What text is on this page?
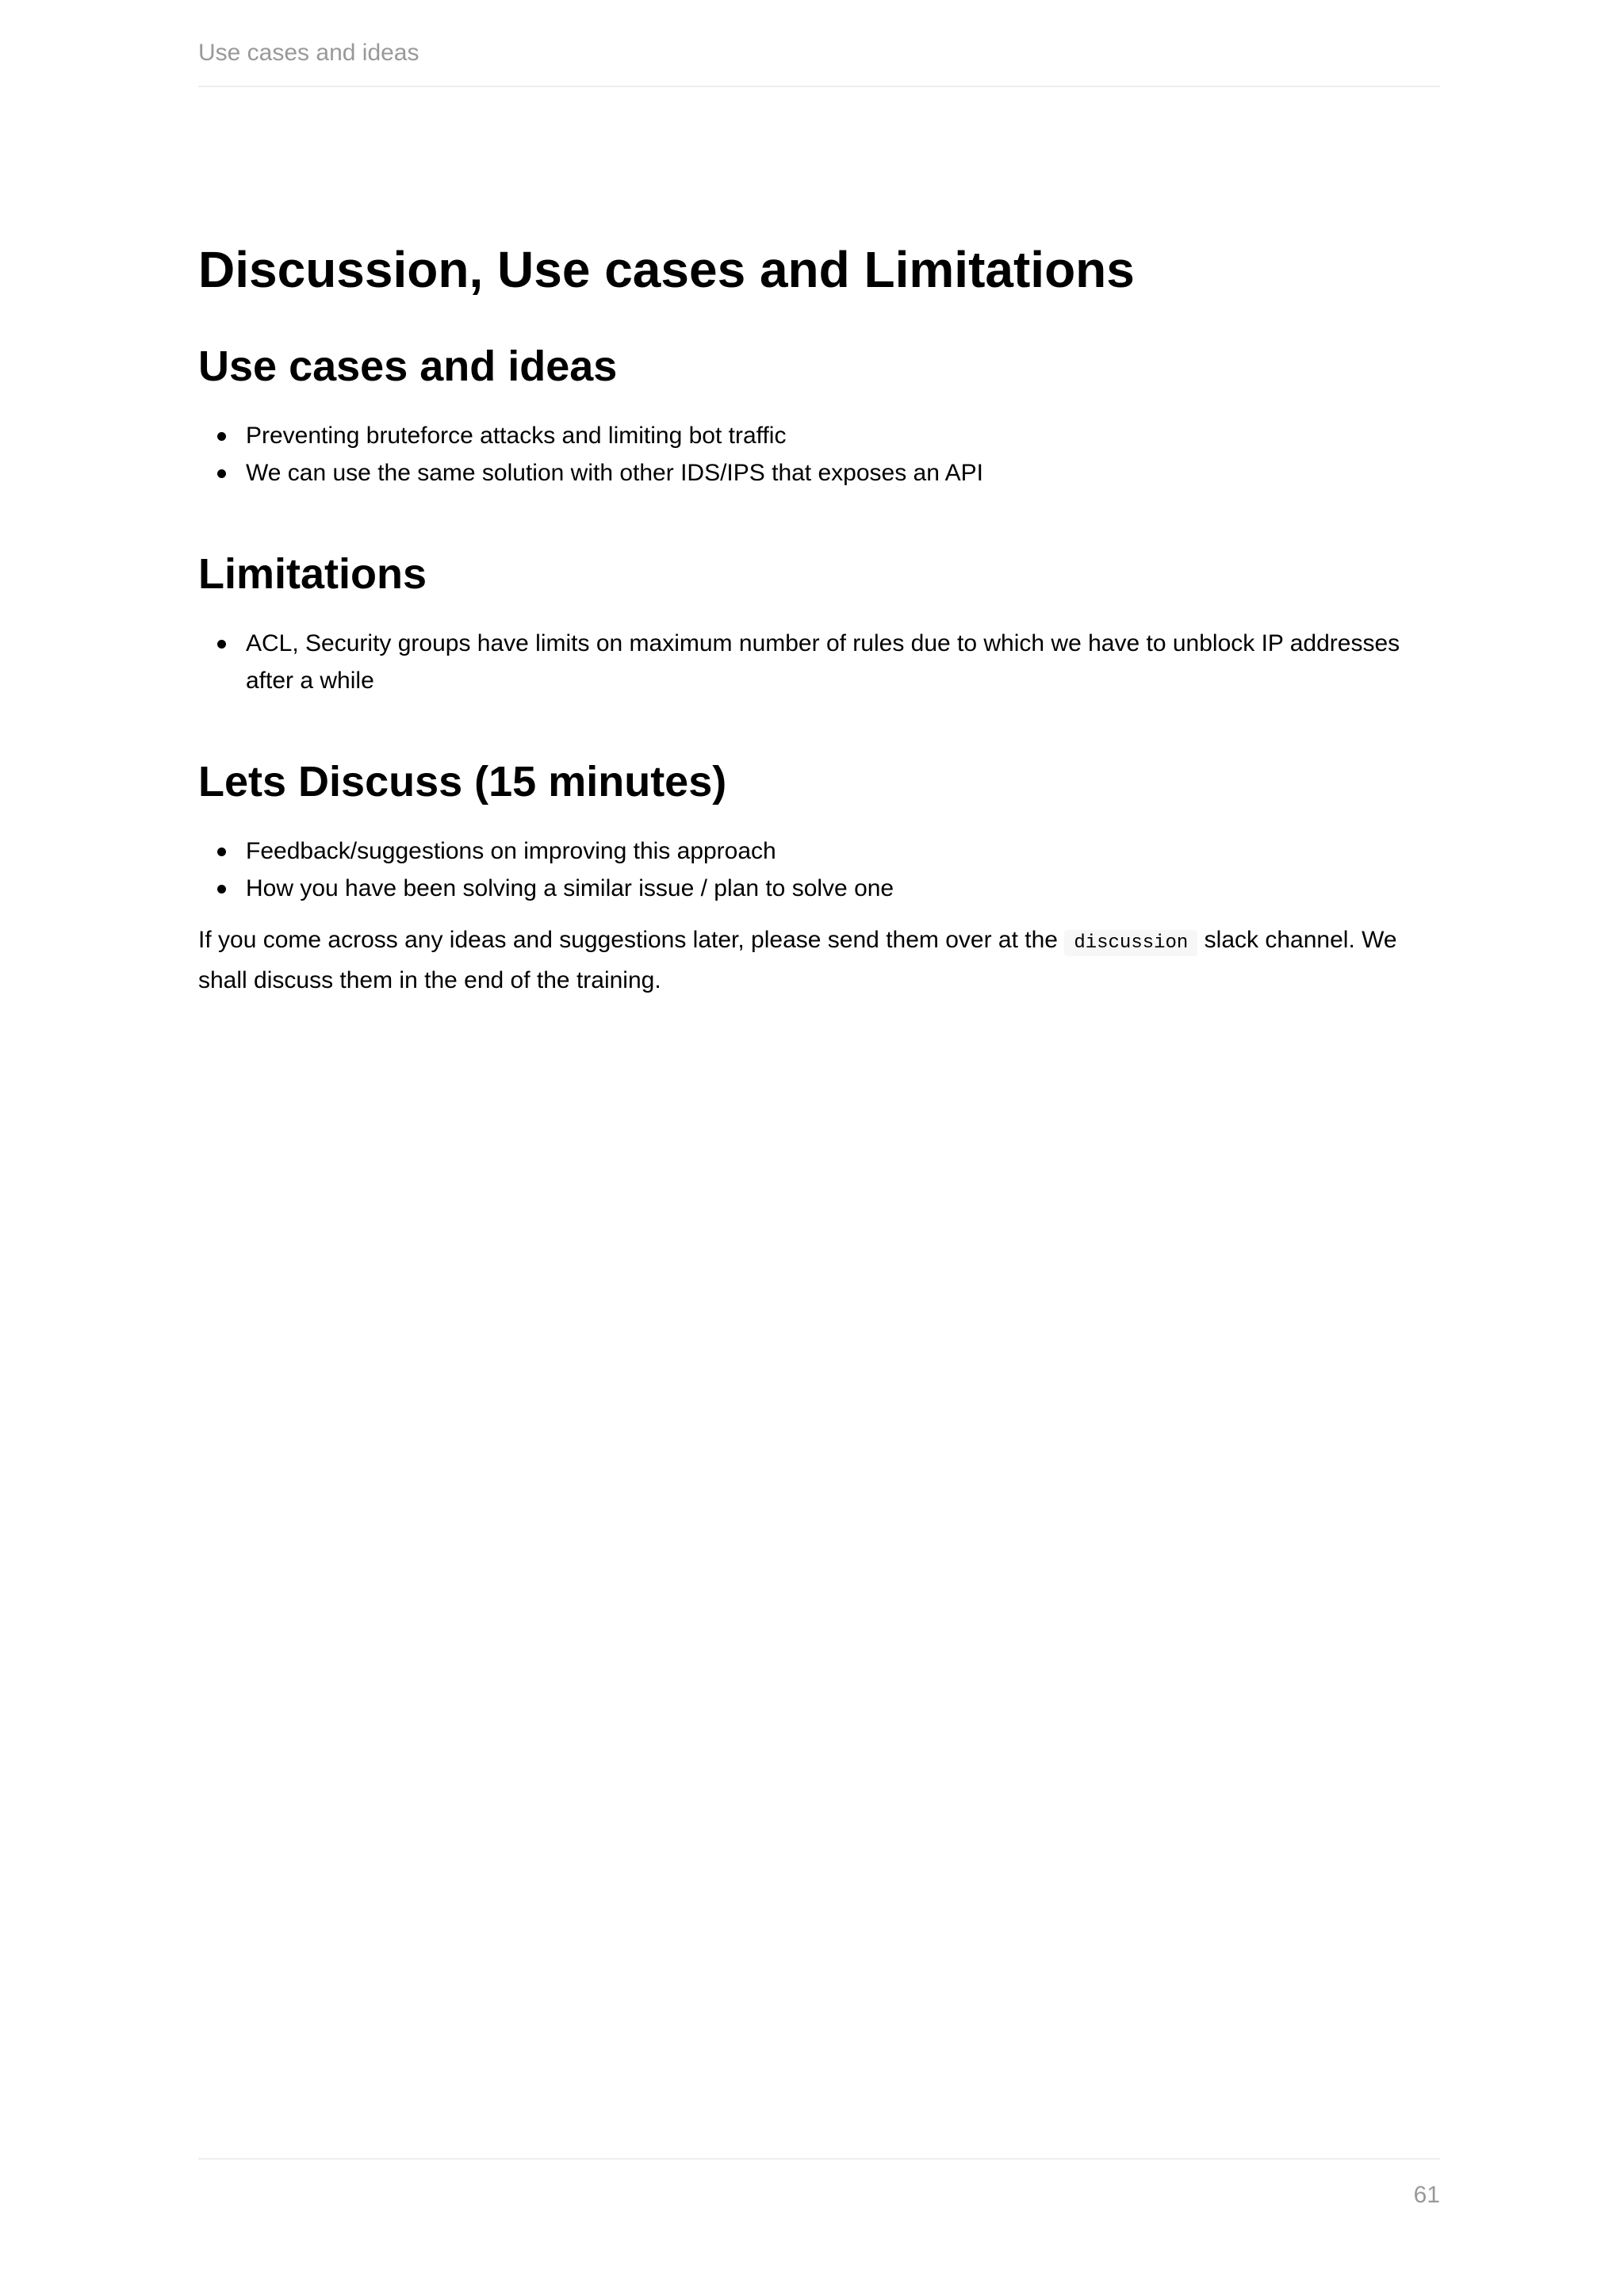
Use cases and ideas
Discussion, Use cases and Limitations
Use cases and ideas
Preventing bruteforce attacks and limiting bot traffic
We can use the same solution with other IDS/IPS that exposes an API
Limitations
ACL, Security groups have limits on maximum number of rules due to which we have to unblock IP addresses after a while
Lets Discuss (15 minutes)
Feedback/suggestions on improving this approach
How you have been solving a similar issue / plan to solve one

If you come across any ideas and suggestions later, please send them over at the discussion slack channel. We shall discuss them in the end of the training.

61
